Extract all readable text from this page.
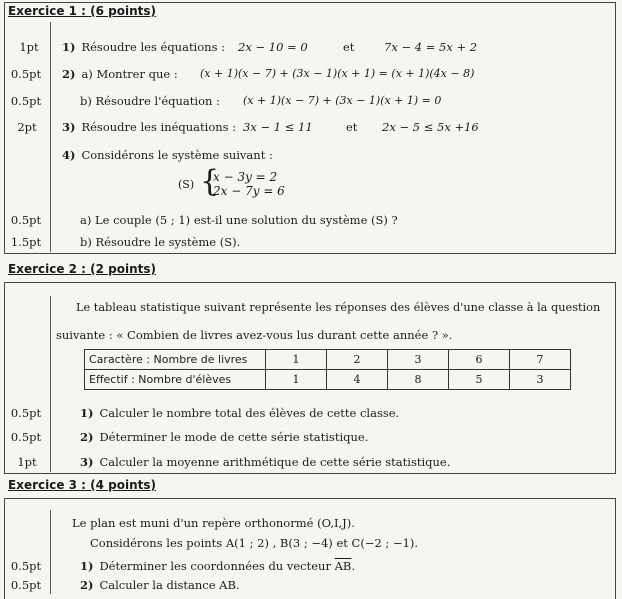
Exercice 1 : (6 points)
1pt	1) Résoudre les équations : 2x − 10 = 0	et	7x − 4 = 5x + 2
0.5pt 2) a) Montrer que : (x + 1)(x − 7) + (3x − 1)(x + 1) = (x + 1)(4x − 8)
0.5pt	b) Résoudre l'équation : (x + 1)(x − 7) + (3x − 1)(x + 1) = 0
2pt	3) Résoudre les inéquations : 3x − 1 ≤ 11	et 2x − 5 ≤ 5x +16
4) Considérons le système suivant :
(S) {
x − 3y = 2
2x − 7y = 6
0.5pt	a) Le couple (5 ; 1) est-il une solution du système (S) ?
1.5pt	b) Résoudre le système (S).
Exercice 2 : (2 points)
Le tableau statistique suivant représente les réponses des élèves d'une classe à la question
suivante : « Combien de livres avez-vous lus durant cette année ? ».
Caractère : Nombre de livres	1	2	3	6	7
Effectif : Nombre d'élèves	1	4	8	5	3
0.5pt	1) Calculer le nombre total des élèves de cette classe.
0.5pt	2) Déterminer le mode de cette série statistique.
1pt	3) Calculer la moyenne arithmétique de cette série statistique.
Exercice 3 : (4 points)
Le plan est muni d'un repère orthonormé (O,I,J).
Considérons les points A(1 ; 2) , B(3 ; −4) et C(−2 ; −1).
0.5pt	1) Déterminer les coordonnées du vecteur $\overline{AB}$.
0.5pt	2) Calculer la distance AB.
